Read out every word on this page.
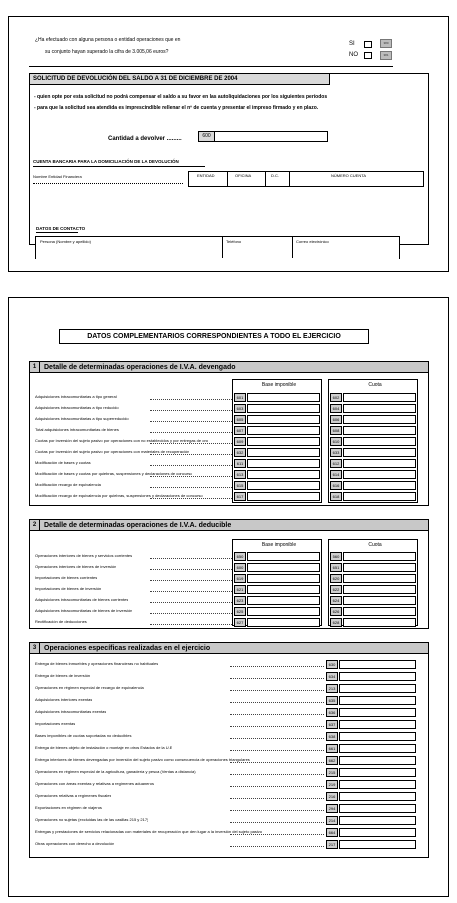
¿Ha efectuado con alguna persona o entidad operaciones que en
su conjunto hayan superado la cifra de 3.005,06 euros?
SI	380
NO	381
SOLICITUD DE DEVOLUCIÓN DEL SALDO A 31 DE DICIEMBRE DE 2004
- quien opte por esta solicitud no podrá compensar el saldo a su favor en las autoliquidaciones por los siguientes períodos
- para que la solicitud sea atendida es imprescindible rellenar el nº de cuenta y presentar el impreso firmado y en plazo.
Cantidad a devolver .........	600
CUENTA BANCARIA PARA LA DOMICILIACIÓN DE LA DEVOLUCIÓN
Nombre Entidad Financiera	ENTIDAD	OFICINA	D.C.	NÚMERO CUENTA
DATOS DE CONTACTO
Persona (Nombre y apellido)	Teléfono	Correo electrónico
DATOS COMPLEMENTARIOS CORRESPONDIENTES A TODO EL EJERCICIO
1	Detalle de determinadas operaciones de I.V.A. devengado
Base imponible	Cuota
Adquisiciones intracomunitarias a tipo general	601	602
Adquisiciones intracomunitarias a tipo reducido	603	604
Adquisiciones intracomunitarias a tipo superreducido	605	606
Total adquisiciones intracomunitarias de bienes	607	608
Cuotas por inversión del sujeto pasivo por operaciones con no establecidos y por entregas de oro	609	610
Cuotas por inversión del sujeto pasivo por operaciones con materiales de recuperación	632	633
Modificación de bases y cuotas	611	612
Modificación de bases y cuotas por quiebras, suspensiones y declaraciones de concurso	613	614
Modificación recargo de equivalencia	615	616
Modificación recargo de equivalencia por quiebras, suspensiones y declaraciones de concurso	617	618
2	Detalle de determinadas operaciones de I.V.A. deducible
Base imponible	Cuota
Operaciones interiores de bienes y servicios corrientes	650	560
Operaciones interiores de bienes de inversión	600	651
Importaciones de bienes corrientes	619	620
Importaciones de bienes de inversión	621	622
Adquisiciones intracomunitarias de bienes corrientes	623	624
Adquisiciones intracomunitarias de bienes de inversión	625	626
Rectificación de deducciones	627	628
3	Operaciones específicas realizadas en el ejercicio
Entrega de bienes inmuebles y operaciones financieras no habituales	630
Entrega de bienes de inversión	634
Operaciones en régimen especial de recargo de equivalencia	213
Adquisiciones interiores exentas	635
Adquisiciones intracomunitarias exentas	636
Importaciones exentas	637
Bases imponibles de cuotas soportadas no deducibles	638
Entrega de bienes objeto de instalación o montaje en otros Estados de la U.E	661
Entrega interiores de bienes devengadas por inversión del sujeto pasivo como consecuencia de operaciones triangulares	662
Operaciones en régimen especial de la agricultura, ganadería y pesca (Ventas a distancia)	215
Operaciones con áreas exentas y relativas a regímenes aduaneros	219
Operaciones relativas a regímenes fiscales	216
Exportaciones en régimen de viajeros	294
Operaciones no sujetas (excluidas las de las casillas 215 y 217)	214
Entregas y prestaciones de servicios relacionadas con materiales de recuperación que den lugar a la inversión del sujeto pasivo	664
Otras operaciones con derecho a devolución	217
